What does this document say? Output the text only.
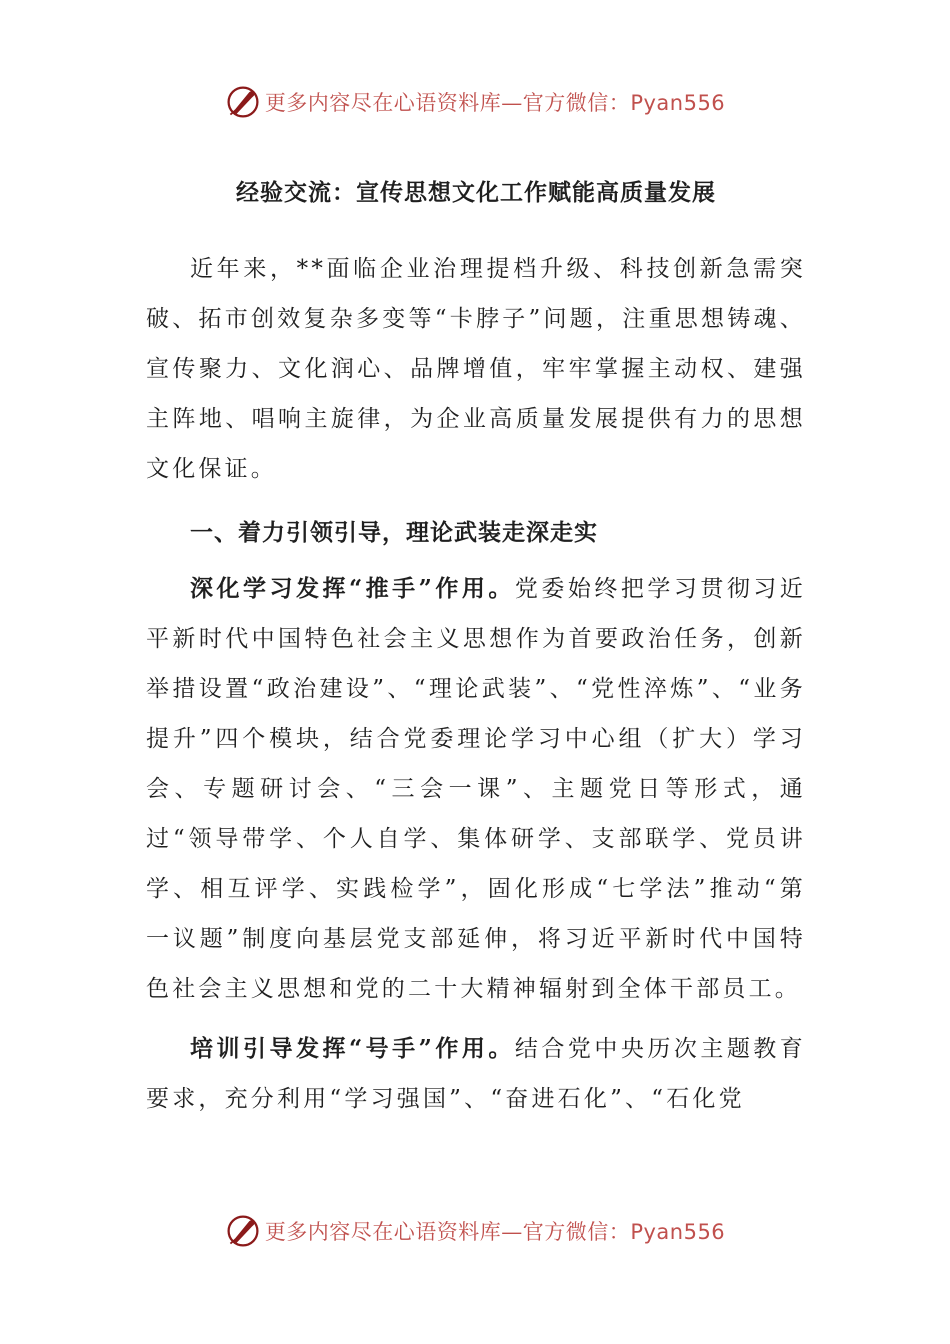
更多内容尽在心语资料库—官方微信：Pyan556
经验交流：宣传思想文化工作赋能高质量发展

近年来，**面临企业治理提档升级、科技创新急需突破、拓市创效复杂多变等“卡脖子”问题，注重思想铸魂、宣传聚力、文化润心、品牌增值，牢牢掌握主动权、建强主阵地、唱响主旋律，为企业高质量发展提供有力的思想文化保证。

一、着力引领引导，理论武装走深走实

深化学习发挥“推手”作用。党委始终把学习贯彻习近平新时代中国特色社会主义思想作为首要政治任务，创新举措设置“政治建设”、“理论武装”、“党性淬炼”、“业务提升”四个模块，结合党委理论学习中心组（扩大）学习会、专题研讨会、“三会一课”、主题党日等形式，通过“领导带学、个人自学、集体研学、支部联学、党员讲学、相互评学、实践检学”，固化形成“七学法”推动“第一议题”制度向基层党支部延伸，将习近平新时代中国特色社会主义思想和党的二十大精神辐射到全体干部员工。

培训引导发挥“号手”作用。结合党中央历次主题教育要求，充分利用“学习强国”、“奋进石化”、“石化党

更多内容尽在心语资料库—官方微信：Pyan556
